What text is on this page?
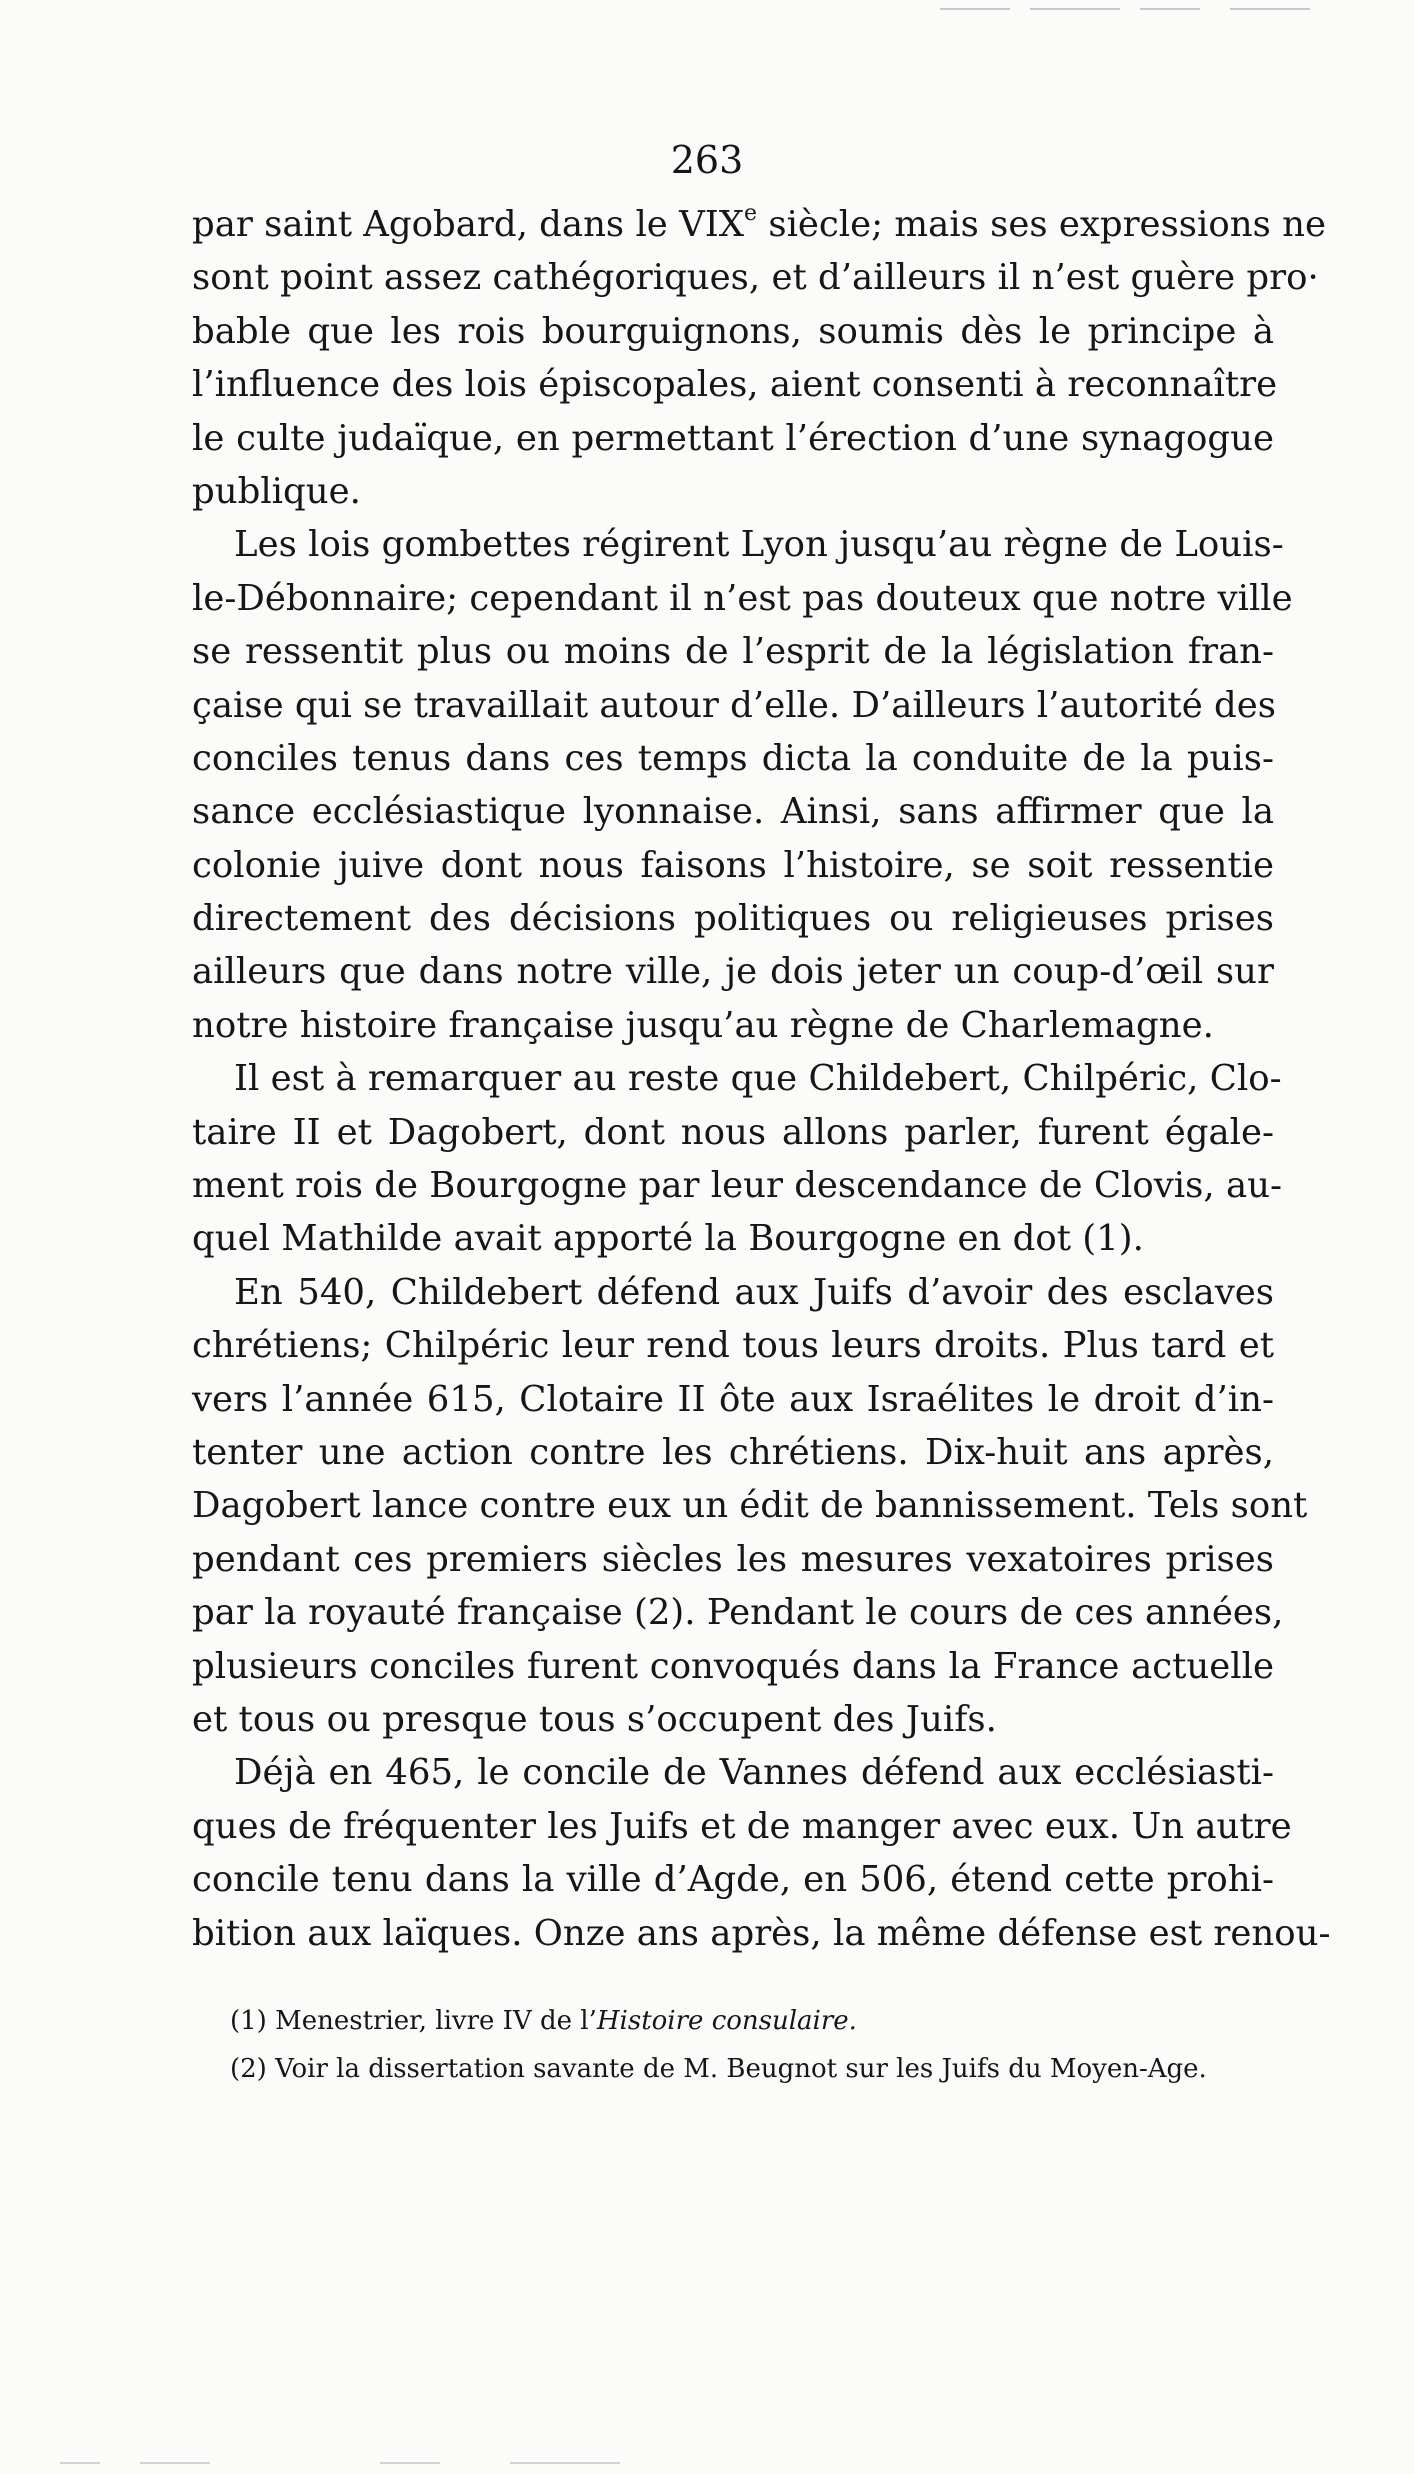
263
par saint Agobard, dans le VIXe siècle; mais ses expressions ne
sont point assez cathégoriques, et d’ailleurs il n’est guère pro·
bable que les rois bourguignons, soumis dès le principe à
l’influence des lois épiscopales, aient consenti à reconnaître
le culte judaïque, en permettant l’érection d’une synagogue
publique.
Les lois gombettes régirent Lyon jusqu’au règne de Louis-
le-Débonnaire; cependant il n’est pas douteux que notre ville
se ressentit plus ou moins de l’esprit de la législation fran-
çaise qui se travaillait autour d’elle. D’ailleurs l’autorité des
conciles tenus dans ces temps dicta la conduite de la puis-
sance ecclésiastique lyonnaise. Ainsi, sans affirmer que la
colonie juive dont nous faisons l’histoire, se soit ressentie
directement des décisions politiques ou religieuses prises
ailleurs que dans notre ville, je dois jeter un coup-d’œil sur
notre histoire française jusqu’au règne de Charlemagne.
Il est à remarquer au reste que Childebert, Chilpéric, Clo-
taire II et Dagobert, dont nous allons parler, furent égale-
ment rois de Bourgogne par leur descendance de Clovis, au-
quel Mathilde avait apporté la Bourgogne en dot (1).
En 540, Childebert défend aux Juifs d’avoir des esclaves
chrétiens; Chilpéric leur rend tous leurs droits. Plus tard et
vers l’année 615, Clotaire II ôte aux Israélites le droit d’in-
tenter une action contre les chrétiens. Dix-huit ans après,
Dagobert lance contre eux un édit de bannissement. Tels sont
pendant ces premiers siècles les mesures vexatoires prises
par la royauté française (2). Pendant le cours de ces années,
plusieurs conciles furent convoqués dans la France actuelle
et tous ou presque tous s’occupent des Juifs.
Déjà en 465, le concile de Vannes défend aux ecclésiasti-
ques de fréquenter les Juifs et de manger avec eux. Un autre
concile tenu dans la ville d’Agde, en 506, étend cette prohi-
bition aux laïques. Onze ans après, la même défense est renou-
(1) Menestrier, livre IV de l’Histoire consulaire.
(2) Voir la dissertation savante de M. Beugnot sur les Juifs du Moyen-Age.
